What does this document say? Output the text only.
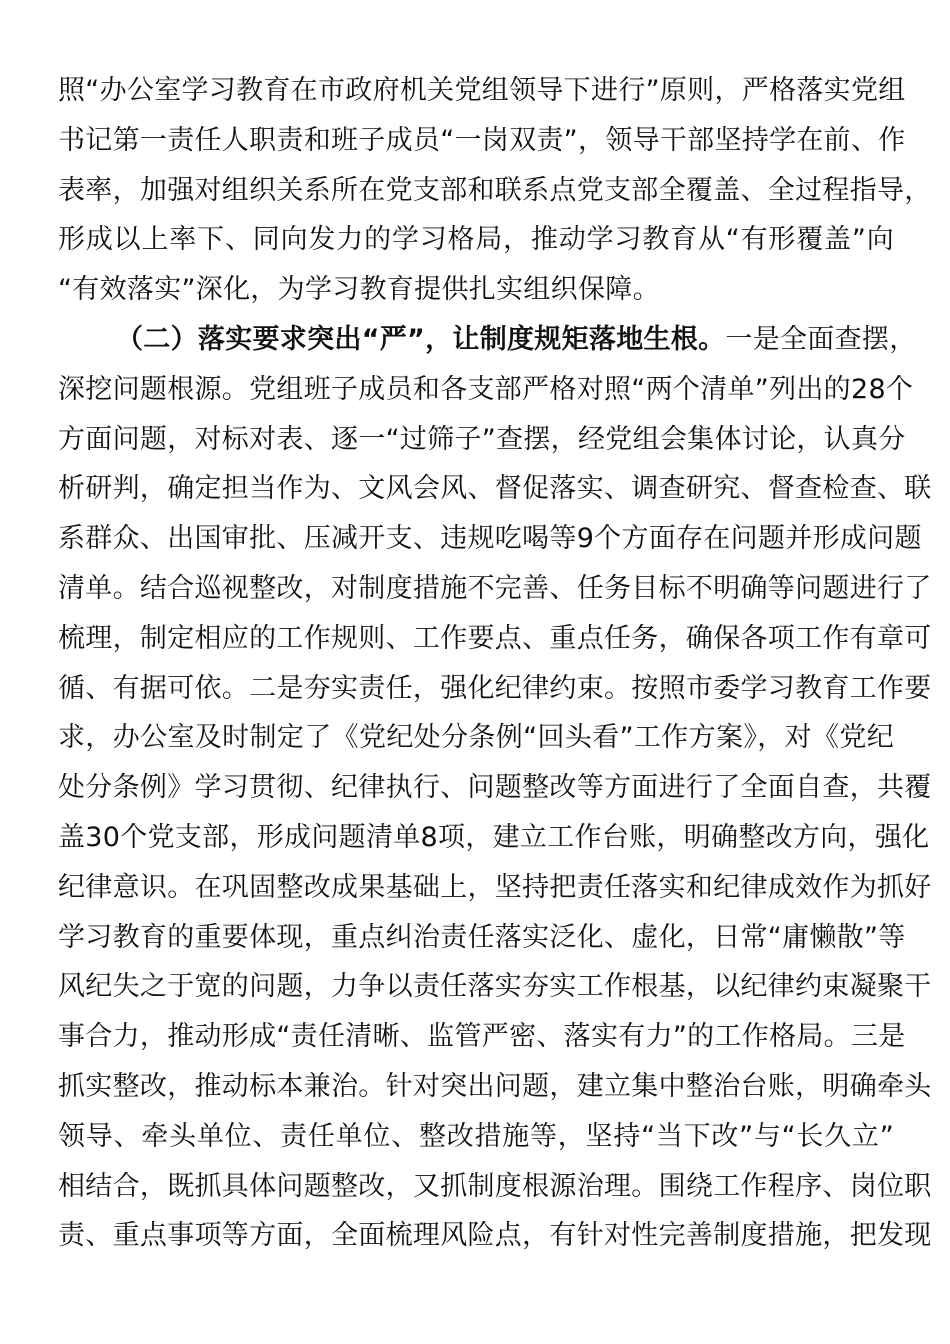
照“办公室学习教育在市政府机关党组领导下进行”原则，严格落实党组
书记第一责任人职责和班子成员“一岗双责”，领导干部坚持学在前、作
表率，加强对组织关系所在党支部和联系点党支部全覆盖、全过程指导，
形成以上率下、同向发力的学习格局，推动学习教育从“有形覆盖”向
“有效落实”深化，为学习教育提供扎实组织保障。
（二）落实要求突出“严”，让制度规矩落地生根。一是全面查摆，
深挖问题根源。党组班子成员和各支部严格对照“两个清单”列出的28个
方面问题，对标对表、逐一“过筛子”查摆，经党组会集体讨论，认真分
析研判，确定担当作为、文风会风、督促落实、调查研究、督查检查、联
系群众、出国审批、压减开支、违规吃喝等9个方面存在问题并形成问题
清单。结合巡视整改，对制度措施不完善、任务目标不明确等问题进行了
梳理，制定相应的工作规则、工作要点、重点任务，确保各项工作有章可
循、有据可依。二是夯实责任，强化纪律约束。按照市委学习教育工作要
求，办公室及时制定了《党纪处分条例“回头看”工作方案》，对《党纪
处分条例》学习贯彻、纪律执行、问题整改等方面进行了全面自查，共覆
盖30个党支部，形成问题清单8项，建立工作台账，明确整改方向，强化
纪律意识。在巩固整改成果基础上，坚持把责任落实和纪律成效作为抓好
学习教育的重要体现，重点纠治责任落实泛化、虚化，日常“庸懒散”等
风纪失之于宽的问题，力争以责任落实夯实工作根基，以纪律约束凝聚干
事合力，推动形成“责任清晰、监管严密、落实有力”的工作格局。三是
抓实整改，推动标本兼治。针对突出问题，建立集中整治台账，明确牵头
领导、牵头单位、责任单位、整改措施等，坚持“当下改”与“长久立”
相结合，既抓具体问题整改，又抓制度根源治理。围绕工作程序、岗位职
责、重点事项等方面，全面梳理风险点，有针对性完善制度措施，把发现
